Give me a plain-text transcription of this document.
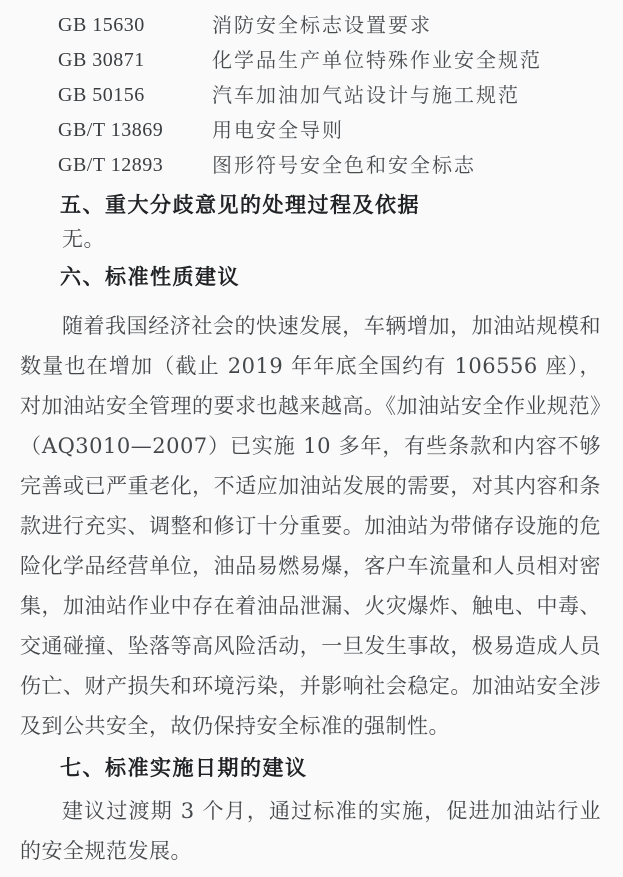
GB 15630	消防安全标志设置要求
GB 30871	化学品生产单位特殊作业安全规范
GB 50156	汽车加油加气站设计与施工规范
GB/T 13869	用电安全导则
GB/T 12893	图形符号安全色和安全标志
五、重大分歧意见的处理过程及依据

无。

六、标准性质建议

随着我国经济社会的快速发展，车辆增加，加油站规模和数量也在增加（截止 2019 年年底全国约有 106556 座），对加油站安全管理的要求也越来越高。《加油站安全作业规范》（AQ3010—2007）已实施 10 多年，有些条款和内容不够完善或已严重老化，不适应加油站发展的需要，对其内容和条款进行充实、调整和修订十分重要。加油站为带储存设施的危险化学品经营单位，油品易燃易爆，客户车流量和人员相对密集，加油站作业中存在着油品泄漏、火灾爆炸、触电、中毒、交通碰撞、坠落等高风险活动，一旦发生事故，极易造成人员伤亡、财产损失和环境污染，并影响社会稳定。加油站安全涉及到公共安全，故仍保持安全标准的强制性。

七、标准实施日期的建议

建议过渡期 3 个月，通过标准的实施，促进加油站行业的安全规范发展。
